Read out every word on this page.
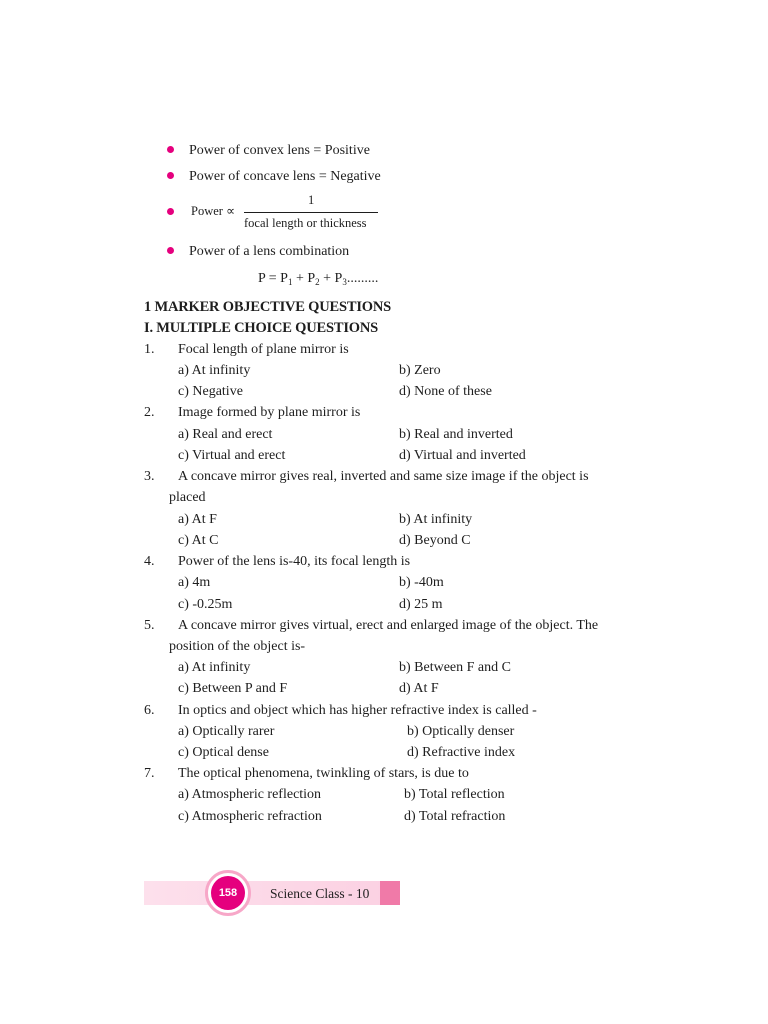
Power of convex lens = Positive
Power of concave lens = Negative
Power ∝
1
focal length or thickness
Power of a lens combination
$P = P_1 + P_2 + P_3$.........
1 MARKER OBJECTIVE QUESTIONS
I. MULTIPLE CHOICE QUESTIONS
1. Focal length of plane mirror is
a) At infinity	b) Zero
c) Negative	d) None of these
2. Image formed by plane mirror is
a) Real and erect	b) Real and inverted
c) Virtual and erect	d) Virtual and inverted
3. A concave mirror gives real, inverted and same size image if the object is
placed
a) At F	b) At infinity
c) At C	d) Beyond C
4. Power of the lens is-40, its focal length is
a) 4m	b) -40m
c) -0.25m	d) 25 m
5. A concave mirror gives virtual, erect and enlarged image of the object. The
position of the object is-
a) At infinity	b) Between F and C
c) Between P and F	d) At F
6. In optics and object which has higher refractive index is called -
a) Optically rarer	b) Optically denser
c) Optical dense	d) Refractive index
7. The optical phenomena, twinkling of stars, is due to
a) Atmospheric reflection	b) Total reflection
c) Atmospheric refraction	d) Total refraction
158	Science Class - 10
